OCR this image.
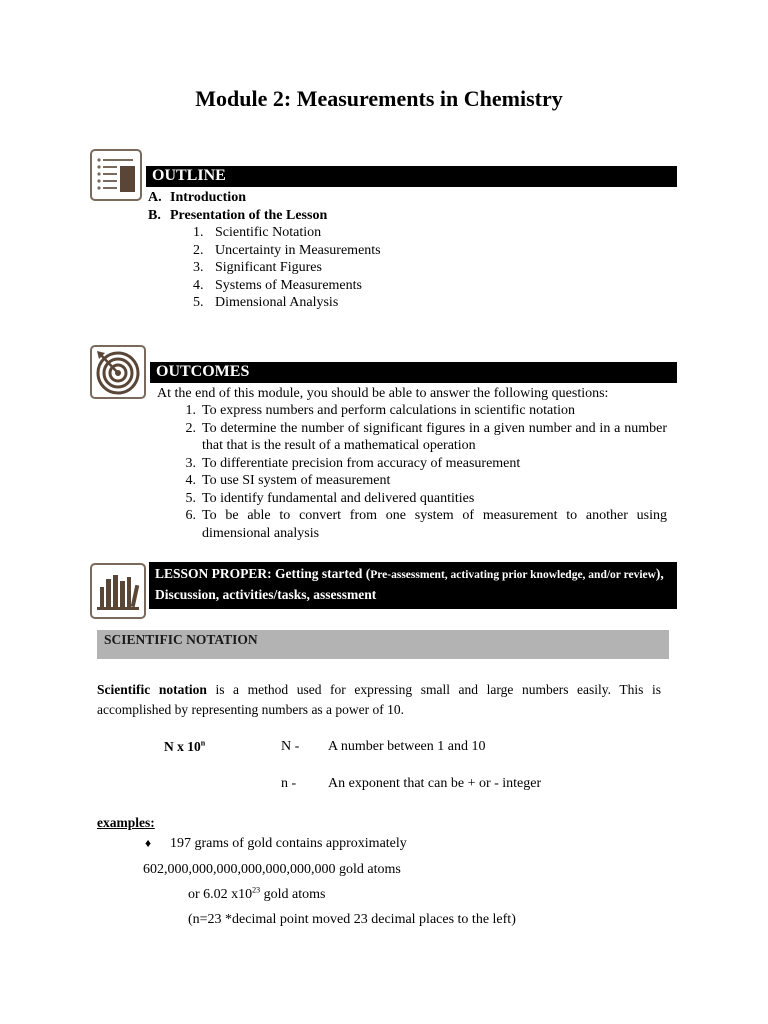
Module 2: Measurements in Chemistry
OUTLINE
A. Introduction
B. Presentation of the Lesson
1. Scientific Notation
2. Uncertainty in Measurements
3. Significant Figures
4. Systems of Measurements
5. Dimensional Analysis
OUTCOMES
At the end of this module, you should be able to answer the following questions:
1. To express numbers and perform calculations in scientific notation
2. To determine the number of significant figures in a given number and in a number that that is the result of a mathematical operation
3. To differentiate precision from accuracy of measurement
4. To use SI system of measurement
5. To identify fundamental and delivered quantities
6. To be able to convert from one system of measurement to another using dimensional analysis
LESSON PROPER: Getting started (Pre-assessment, activating prior knowledge, and/or review), Discussion, activities/tasks, assessment
SCIENTIFIC NOTATION
Scientific notation is a method used for expressing small and large numbers easily. This is accomplished by representing numbers as a power of 10.
N x 10$^n$	N - A number between 1 and 10
n - An exponent that can be + or - integer
examples:
♦ 197 grams of gold contains approximately
602,000,000,000,000,000,000,000 gold atoms
or 6.02 $x10^{23}$ gold atoms
(n=23 *decimal point moved 23 decimal places to the left)
